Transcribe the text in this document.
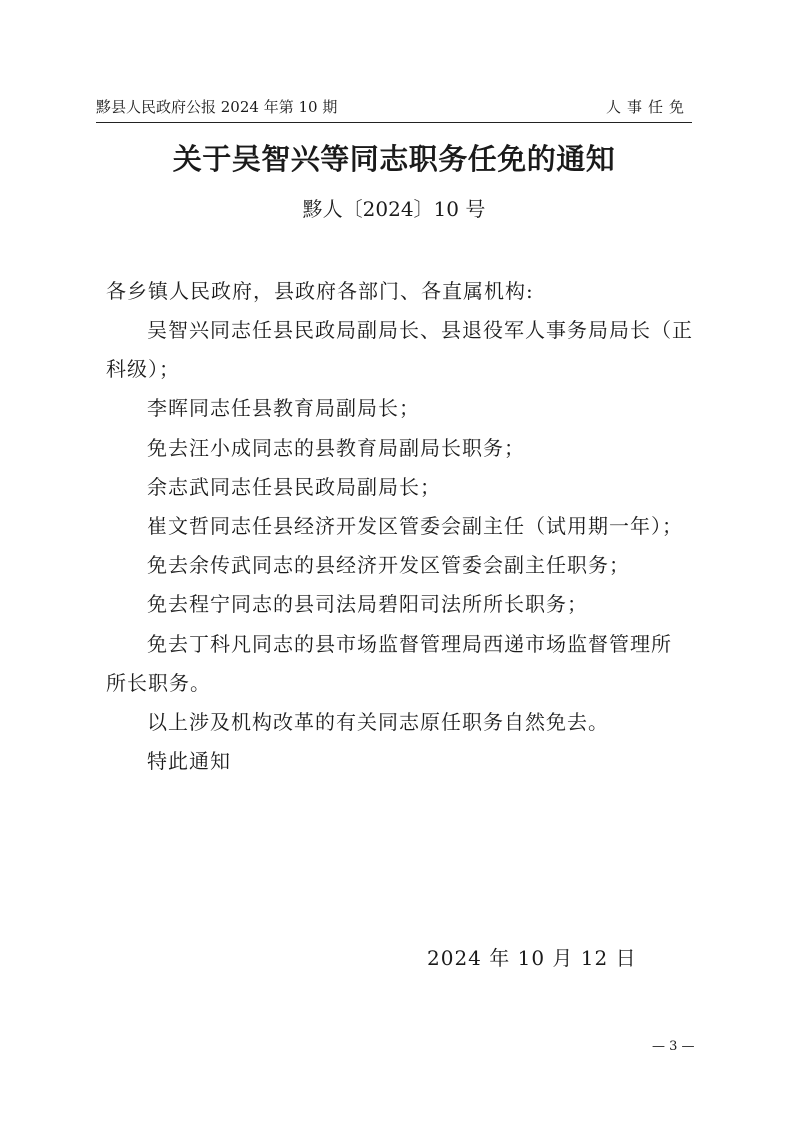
黟县人民政府公报 2024 年第 10 期	人事任免
关于吴智兴等同志职务任免的通知
黟人〔2024〕10 号
各乡镇人民政府，县政府各部门、各直属机构:
吴智兴同志任县民政局副局长、县退役军人事务局局长（正
科级）；
李晖同志任县教育局副局长；
免去汪小成同志的县教育局副局长职务；
余志武同志任县民政局副局长；
崔文哲同志任县经济开发区管委会副主任（试用期一年）；
免去余传武同志的县经济开发区管委会副主任职务；
免去程宁同志的县司法局碧阳司法所所长职务；
免去丁科凡同志的县市场监督管理局西递市场监督管理所
所长职务。
以上涉及机构改革的有关同志原任职务自然免去。
特此通知
2024 年 10 月 12 日
— 3 —
